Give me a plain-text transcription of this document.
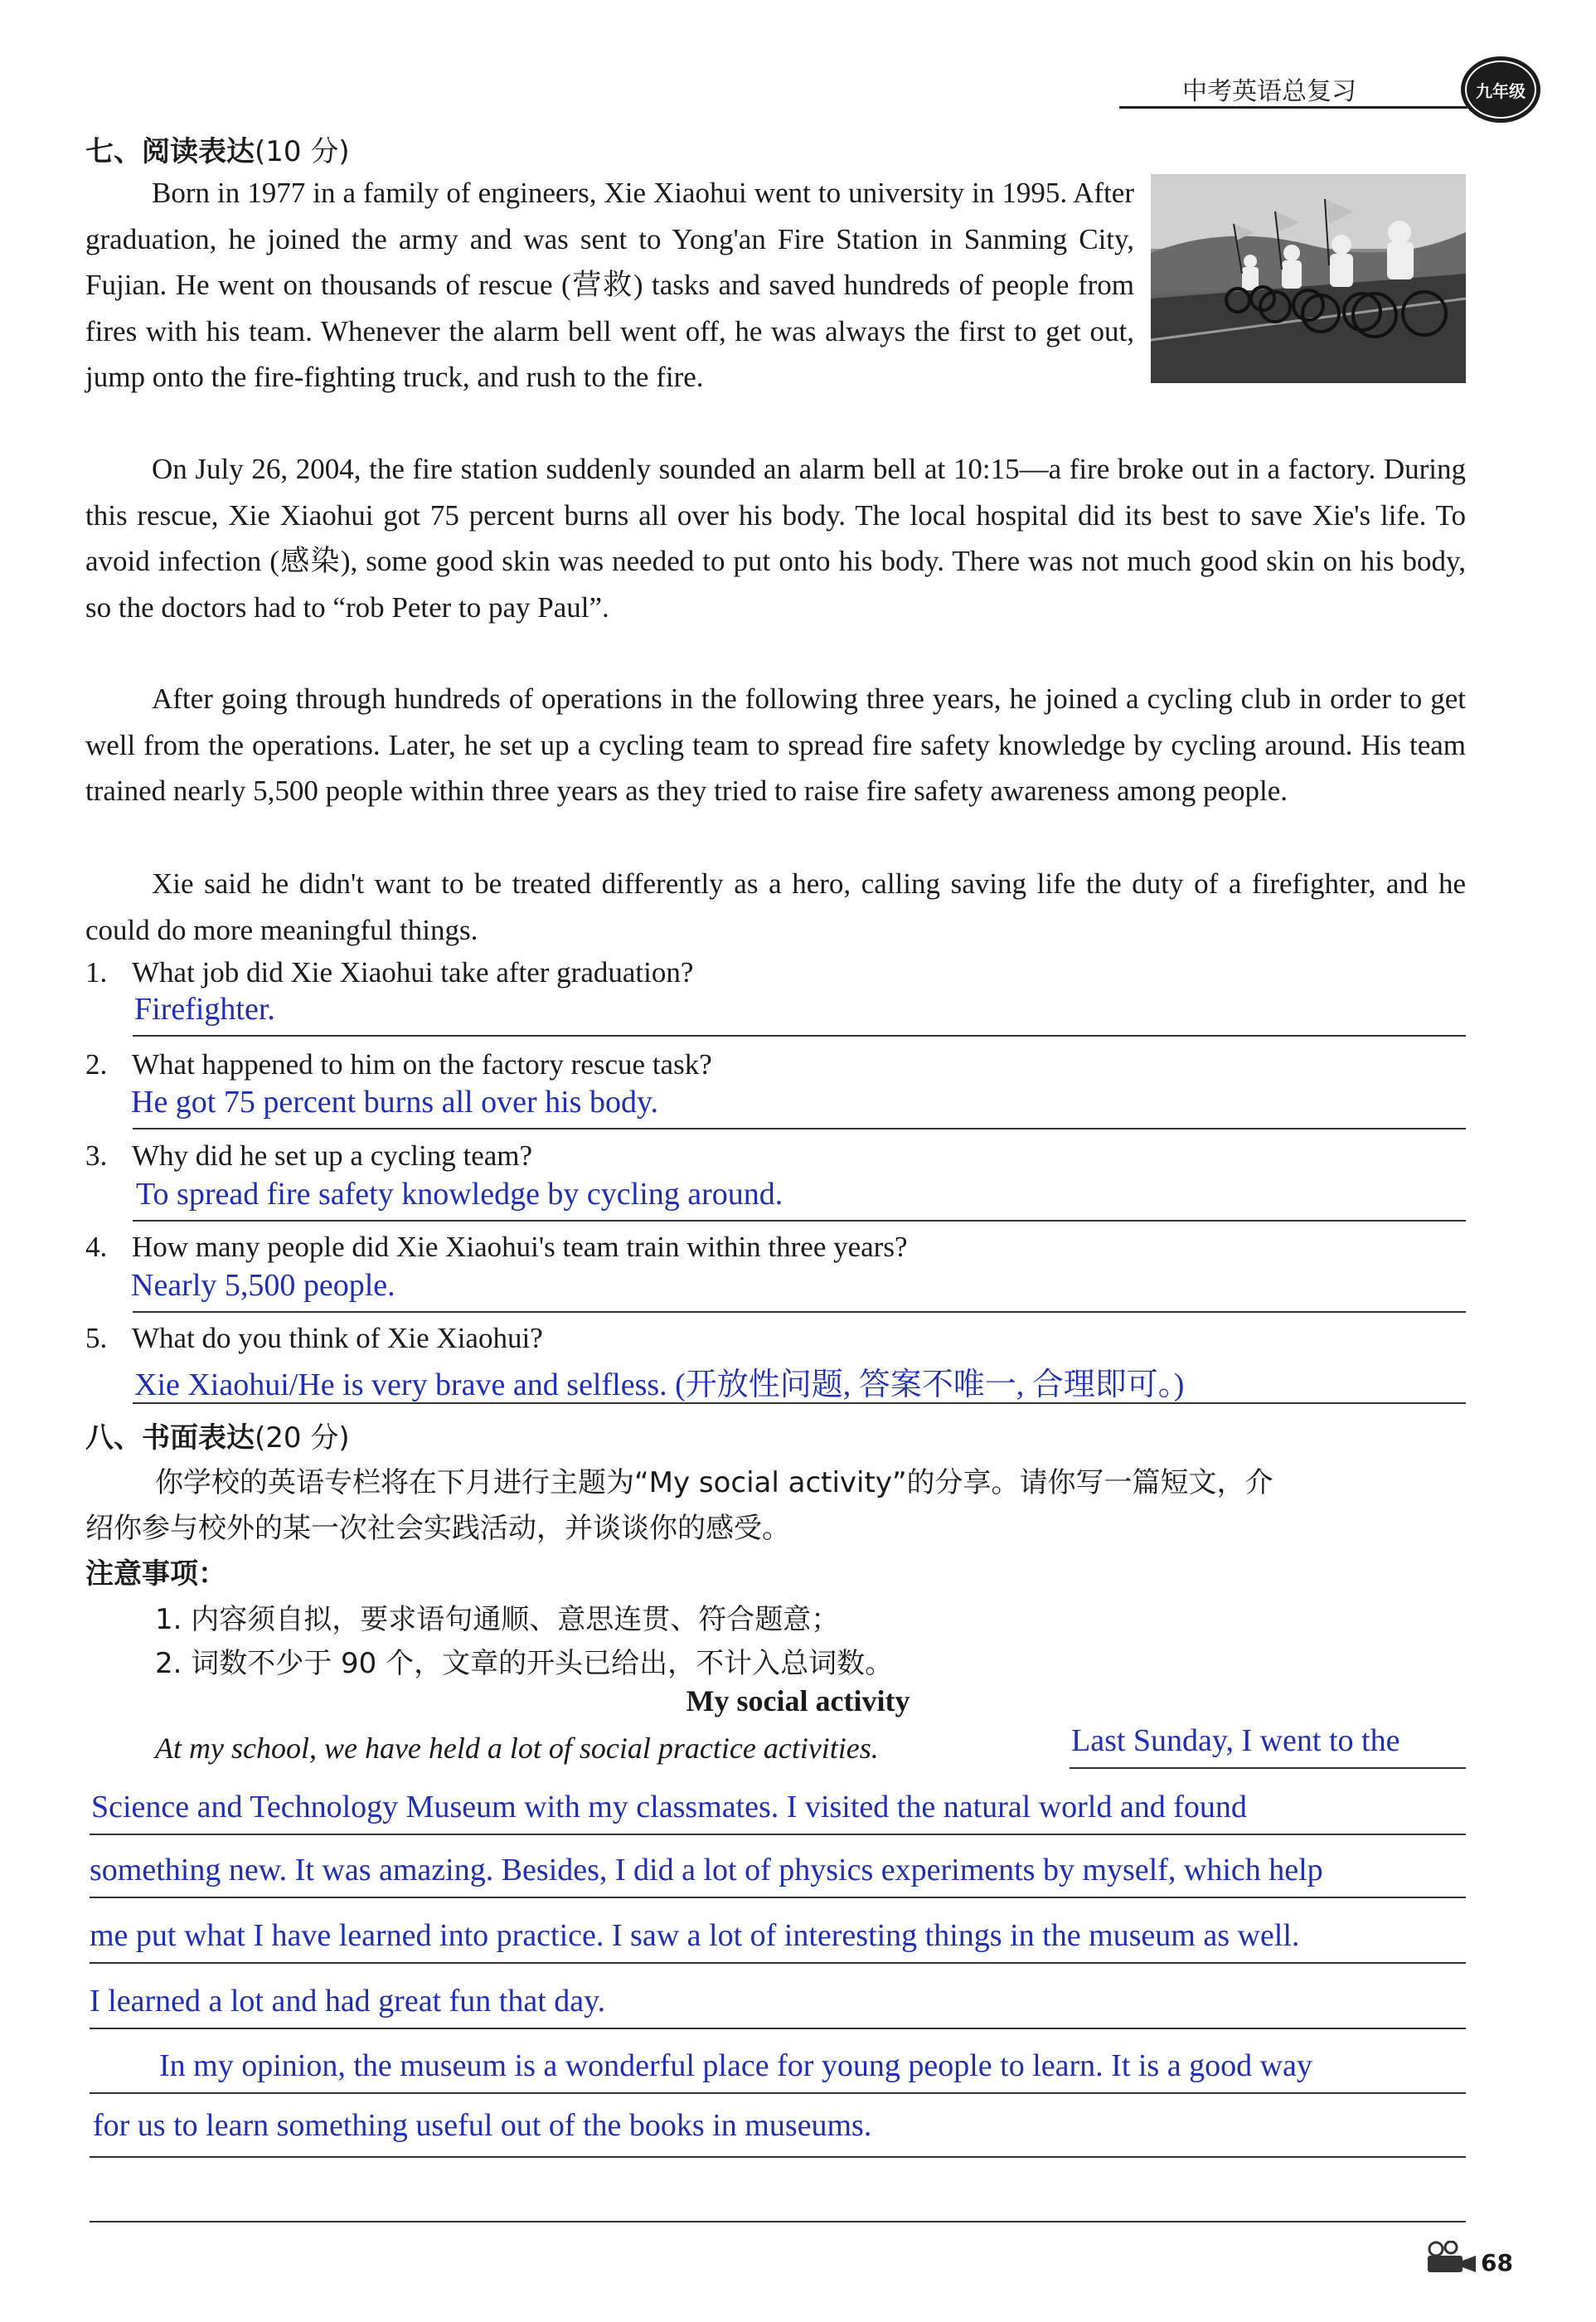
中考英语总复习	九年级
七、阅读表达(10 分)

Born in 1977 in a family of engineers, Xie Xiaohui went to university in 1995. After graduation, he joined the army and was sent to Yong'an Fire Station in Sanming City, Fujian. He went on thousands of rescue (营救) tasks and saved hundreds of people from fires with his team. Whenever the alarm bell went off, he was always the first to get out, jump onto the fire-fighting truck, and rush to the fire.

On July 26, 2004, the fire station suddenly sounded an alarm bell at 10:15—a fire broke out in a factory. During this rescue, Xie Xiaohui got 75 percent burns all over his body. The local hospital did its best to save Xie's life. To avoid infection (感染), some good skin was needed to put onto his body. There was not much good skin on his body, so the doctors had to “rob Peter to pay Paul”.

After going through hundreds of operations in the following three years, he joined a cycling club in order to get well from the operations. Later, he set up a cycling team to spread fire safety knowledge by cycling around. His team trained nearly 5,500 people within three years as they tried to raise fire safety awareness among people.

Xie said he didn't want to be treated differently as a hero, calling saving life the duty of a firefighter, and he could do more meaningful things.

1. What job did Xie Xiaohui take after graduation?
Firefighter.
2. What happened to him on the factory rescue task?
He got 75 percent burns all over his body.
3. Why did he set up a cycling team?
To spread fire safety knowledge by cycling around.
4. How many people did Xie Xiaohui's team train within three years?
Nearly 5,500 people.
5. What do you think of Xie Xiaohui?
Xie Xiaohui/He is very brave and selfless. (开放性问题, 答案不唯一, 合理即可。)
八、书面表达(20 分)
你学校的英语专栏将在下月进行主题为“My social activity”的分享。请你写一篇短文，介
绍你参与校外的某一次社会实践活动，并谈谈你的感受。
注意事项：
1. 内容须自拟，要求语句通顺、意思连贯、符合题意；
2. 词数不少于 90 个，文章的开头已给出，不计入总词数。
My social activity
At my school, we have held a lot of social practice activities.	Last Sunday, I went to the
Science and Technology Museum with my classmates. I visited the natural world and found
something new. It was amazing. Besides, I did a lot of physics experiments by myself, which help
me put what I have learned into practice. I saw a lot of interesting things in the museum as well.
I learned a lot and had great fun that day.
In my opinion, the museum is a wonderful place for young people to learn. It is a good way
for us to learn something useful out of the books in museums.
68
